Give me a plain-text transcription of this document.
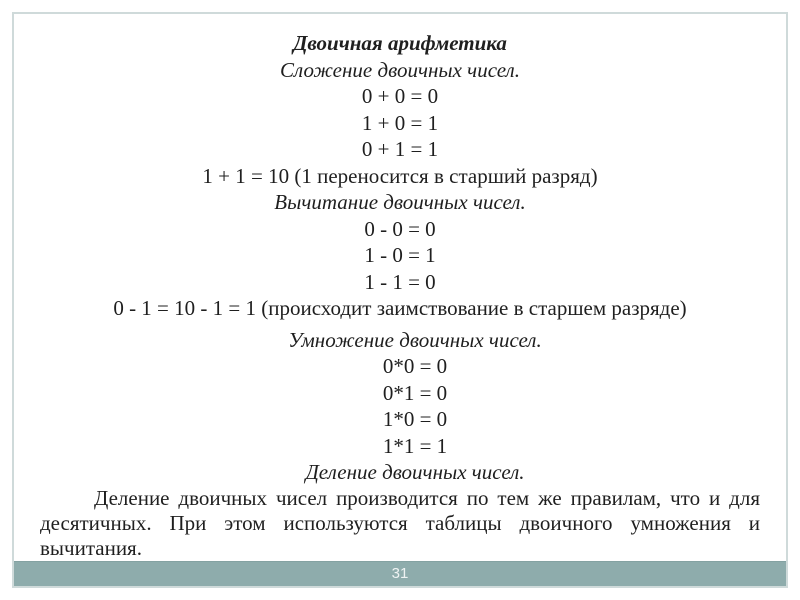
Двоичная арифметика
Сложение двоичных чисел.
0 + 0 = 0
1 + 0 = 1
0 + 1 = 1
1 + 1 = 10 (1 переносится в старший разряд)
Вычитание двоичных чисел.
0 - 0 = 0
1 - 0 = 1
1 - 1 = 0
0 - 1 = 10 - 1 = 1 (происходит заимствование в старшем разряде)
Умножение двоичных чисел.
0*0 = 0
0*1 = 0
1*0 = 0
1*1 = 1
Деление двоичных чисел.
Деление двоичных чисел производится по тем же правилам, что и для
десятичных. При этом используются таблицы двоичного умножения и
вычитания.
31
